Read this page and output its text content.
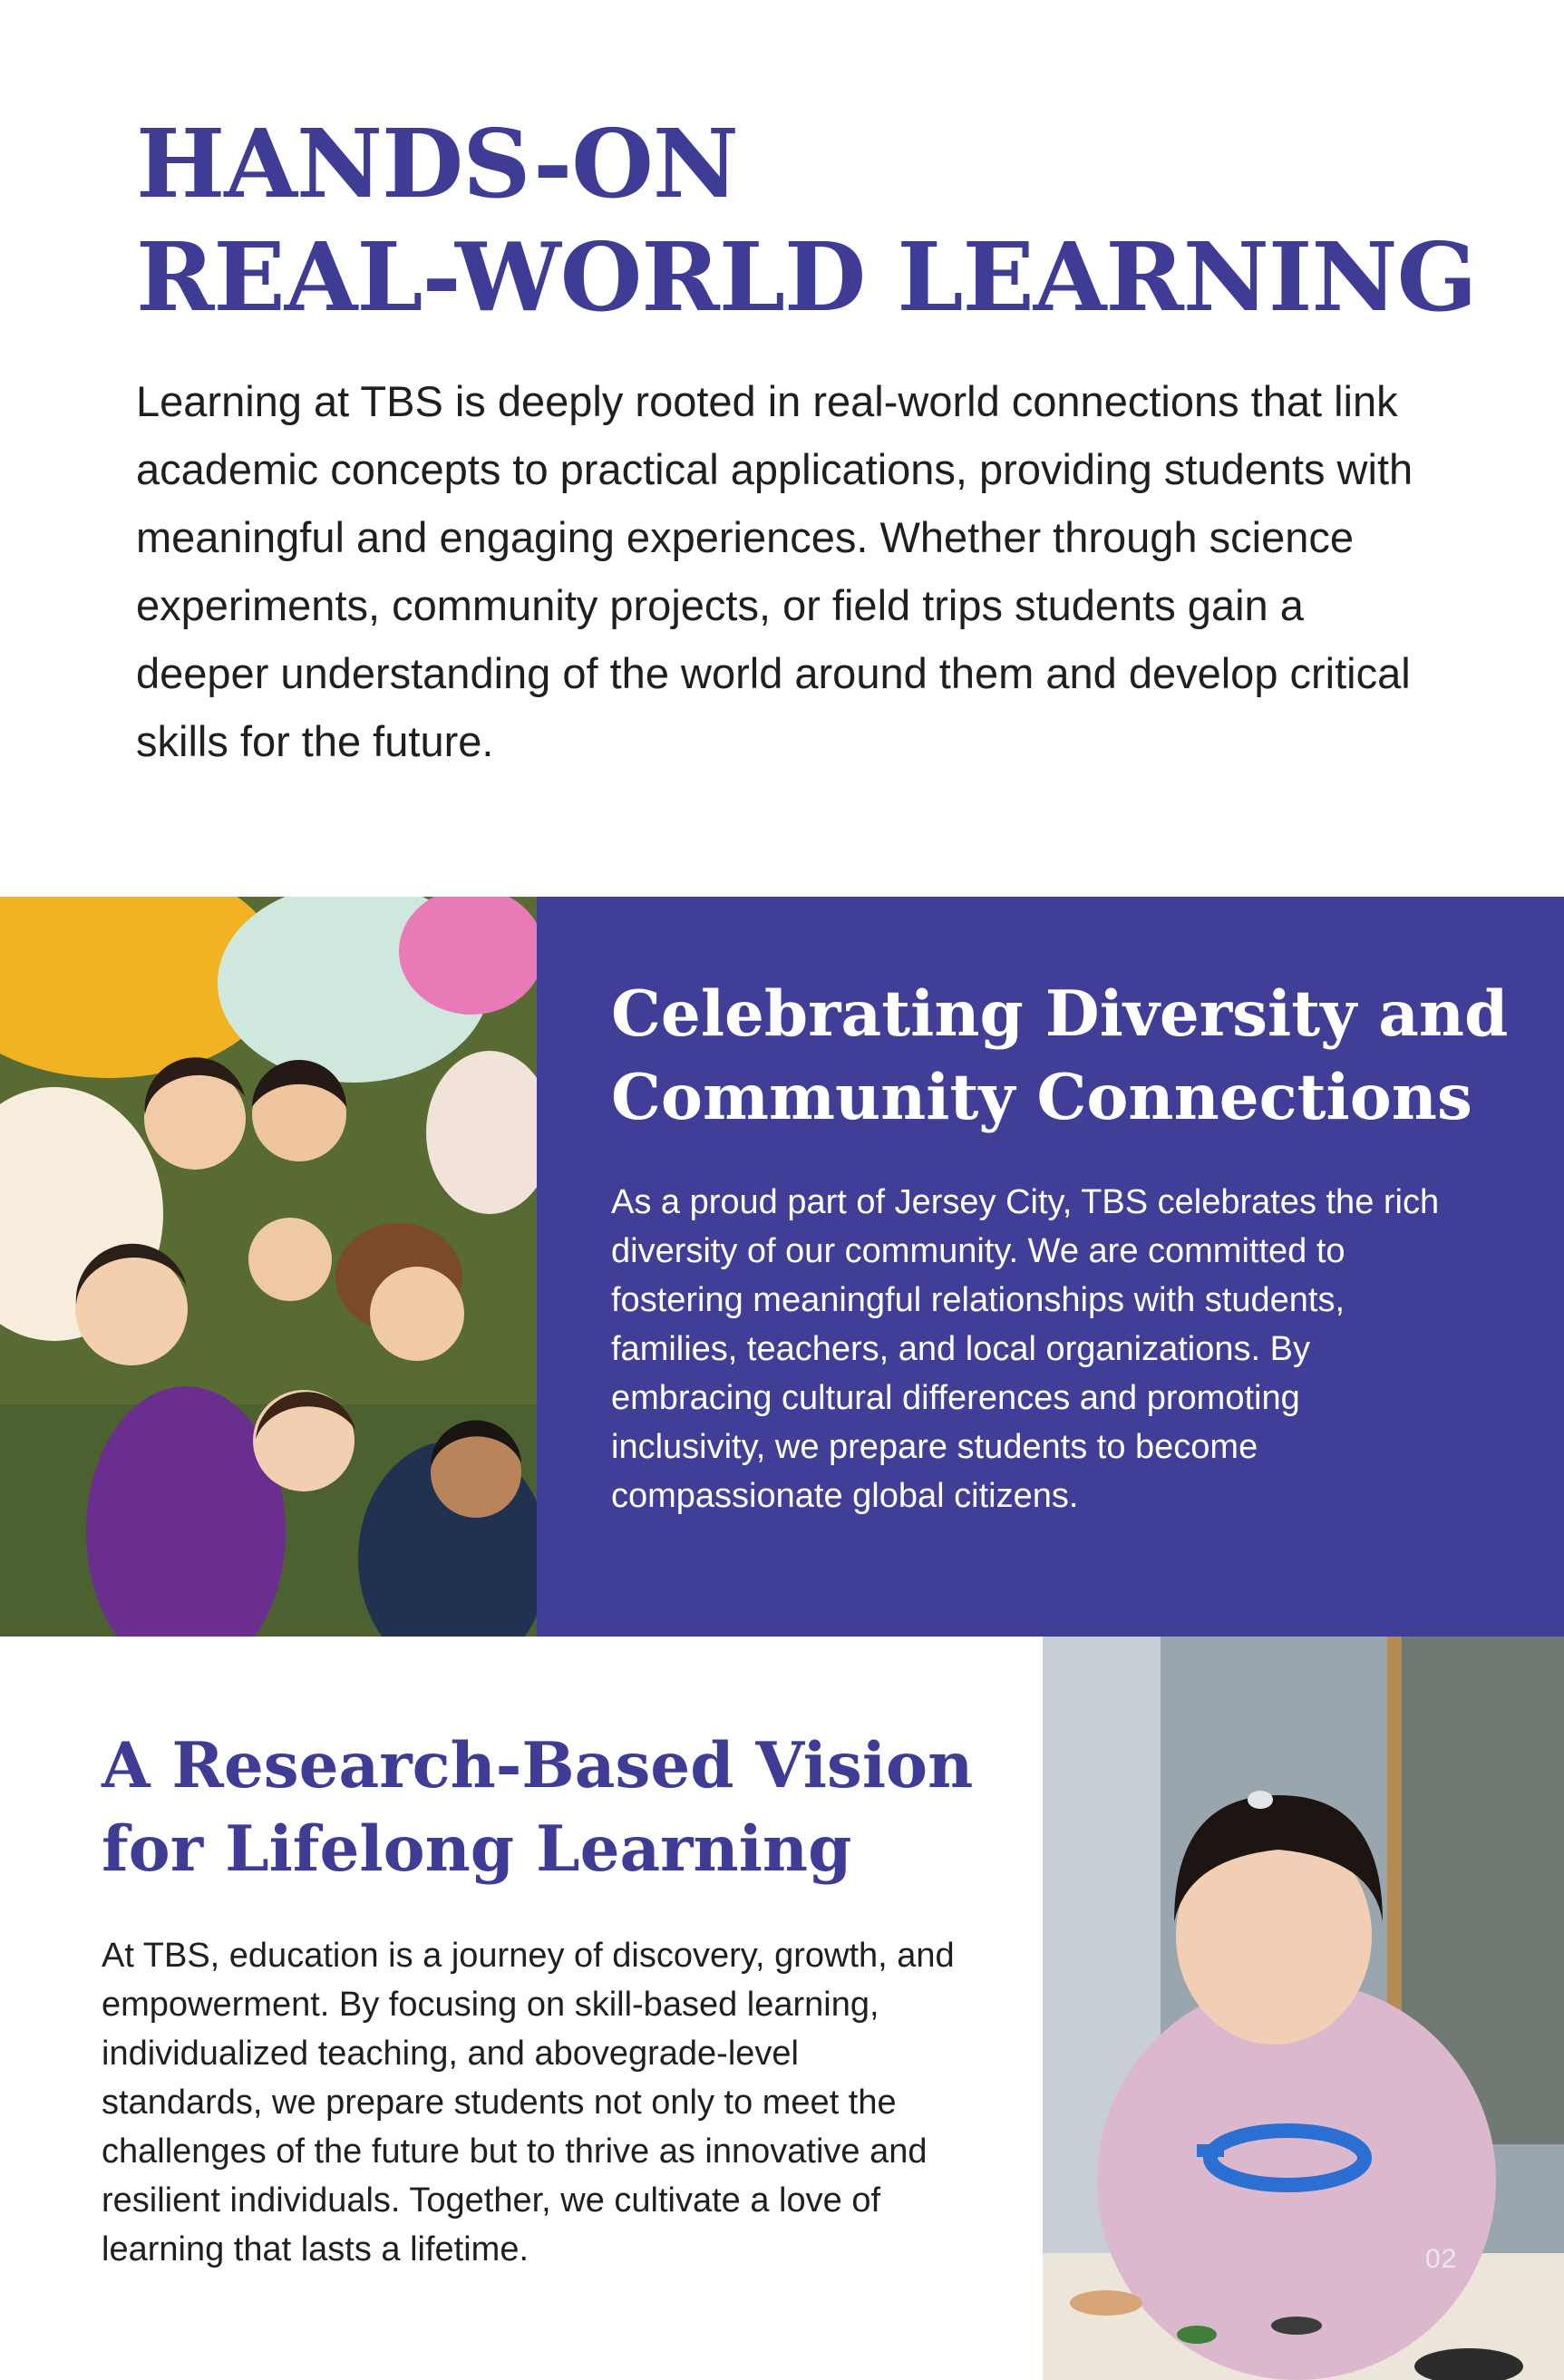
HANDS-ON
REAL-WORLD LEARNING

Learning at TBS is deeply rooted in real-world connections that link academic concepts to practical applications, providing students with meaningful and engaging experiences. Whether through science experiments, community projects, or field trips students gain a deeper understanding of the world around them and develop critical skills for the future.

Celebrating Diversity and
Community Connections

As a proud part of Jersey City, TBS celebrates the rich diversity of our community. We are committed to fostering meaningful relationships with students, families, teachers, and local organizations. By embracing cultural differences and promoting inclusivity, we prepare students to become compassionate global citizens.

A Research-Based Vision
for Lifelong Learning

At TBS, education is a journey of discovery, growth, and empowerment. By focusing on skill-based learning, individualized teaching, and abovegrade-level standards, we prepare students not only to meet the challenges of the future but to thrive as innovative and resilient individuals. Together, we cultivate a love of learning that lasts a lifetime.	02
